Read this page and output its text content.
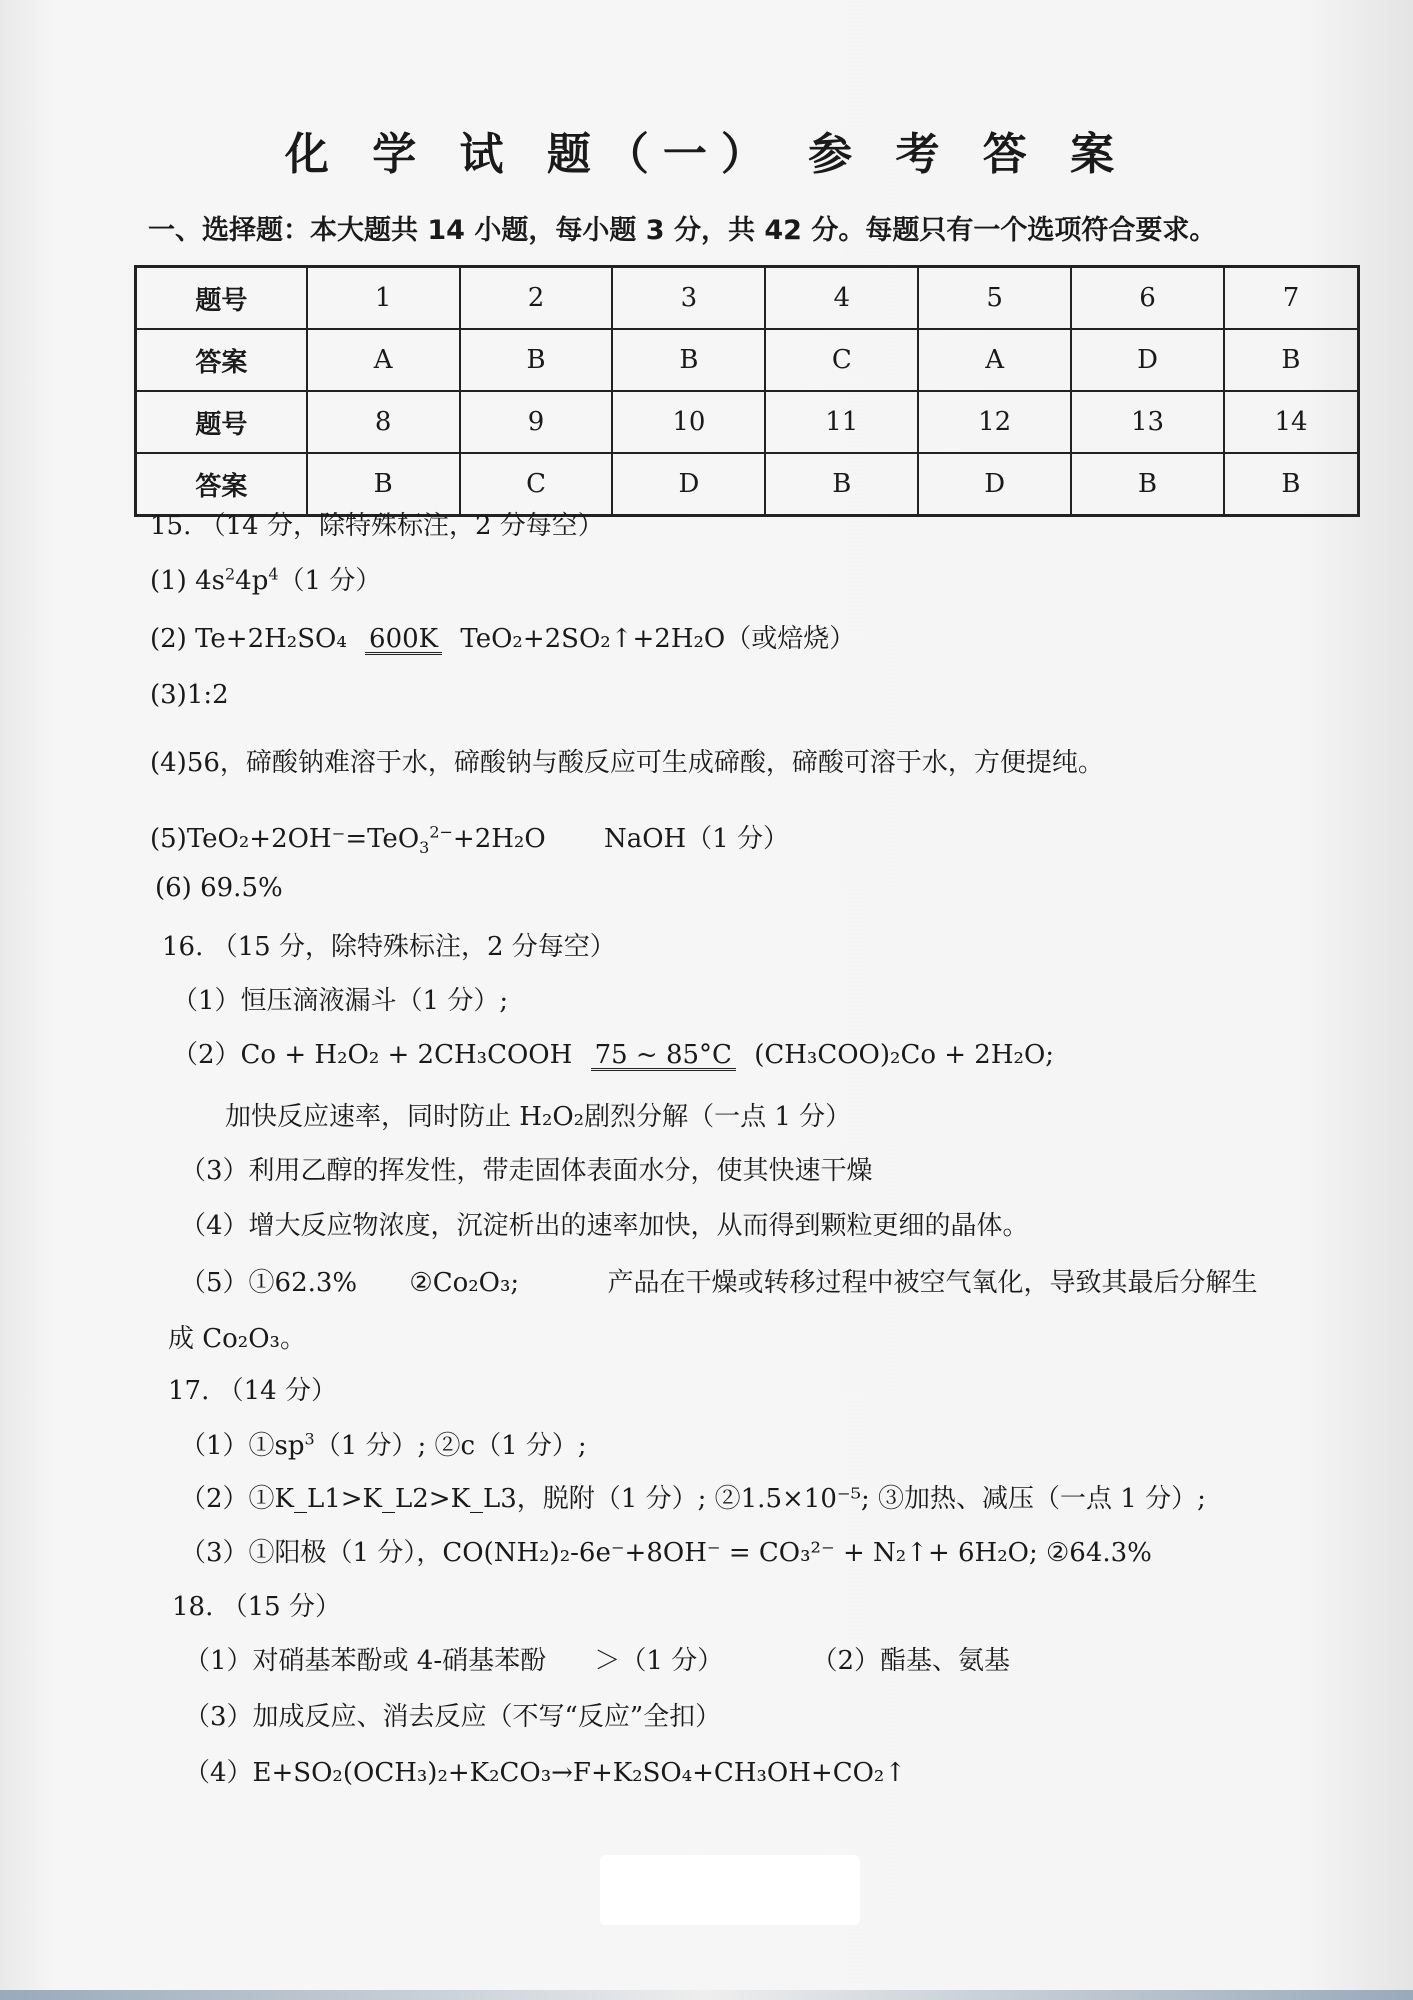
化 学 试 题（一） 参 考 答 案
一、选择题：本大题共 14 小题，每小题 3 分，共 42 分。每题只有一个选项符合要求。
题号	1	2	3	4	5	6	7
答案	A	B	B	C	A	D	B
题号	8	9	10	11	12	13	14
答案	B	C	D	B	D	B	B
15. （14 分，除特殊标注，2 分每空）
(1) $4s^24p^4(1$ 分）
(2) Te+2H₂SO₄ 600K TeO₂+2SO₂↑+2H₂O（或焙烧）
(3)1:2
(4)56，碲酸钠难溶于水，碲酸钠与酸反应可生成碲酸，碲酸可溶于水，方便提纯。
(5)TeO₂+2OH⁻=TeO$_3^{2-}$+2H₂O NaOH（1 分）
(6) 69.5%
16. （15 分，除特殊标注，2 分每空）
（1）恒压滴液漏斗（1 分）;
（2）Co + H₂O₂ + 2CH₃COOH 75 ~ 85°C (CH₃COO)₂Co + 2H₂O;
加快反应速率，同时防止 H₂O₂剧烈分解（一点 1 分）
（3）利用乙醇的挥发性，带走固体表面水分，使其快速干燥
（4）增大反应物浓度，沉淀析出的速率加快，从而得到颗粒更细的晶体。
（5）①62.3% ②Co₂O₃;	产品在干燥或转移过程中被空气氧化，导致其最后分解生
成 Co₂O₃。
17. （14 分）
$(1)①sp^3(1$ 分）; ②c（1 分）;
（2）①K_L1>K_L2>K_L3，脱附（1 分）; ②1.5×10⁻⁵; ③加热、减压（一点 1 分）;
（3）①阳极（1 分），CO(NH₂)₂-6e⁻+8OH⁻ = CO₃²⁻ + N₂↑+ 6H₂O; ②64.3%
18. （15 分）
（1）对硝基苯酚或 4-硝基苯酚 ＞（1 分）	（2）酯基、氨基
（3）加成反应、消去反应（不写“反应”全扣）
（4）E+SO₂(OCH₃)₂+K₂CO₃→F+K₂SO₄+CH₃OH+CO₂↑
